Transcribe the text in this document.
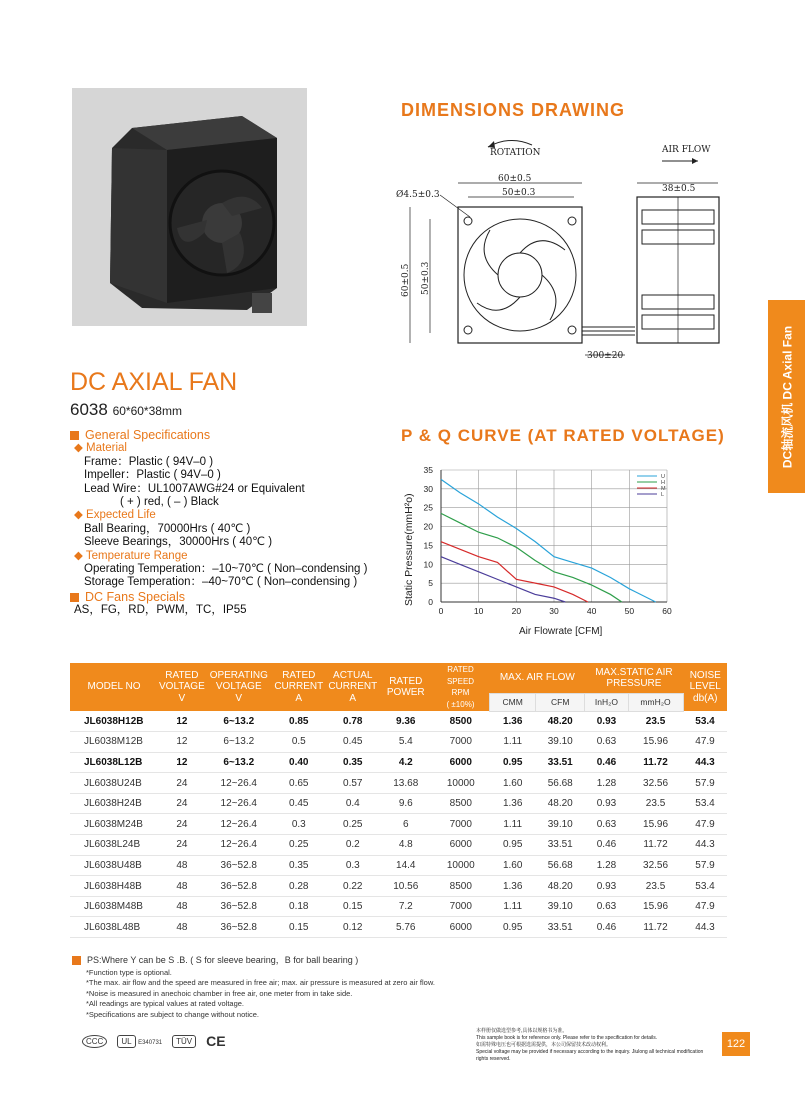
DC轴流风机 DC Axial Fan
DIMENSIONS DRAWING
ROTATION	AIR FLOW
60±0.5
50±0.3
Ø4.5±0.3
60±0.5 50±0.3
38±0.5
300±20
DC AXIAL FAN
6038 60*60*38mm
General Specifications
◆ Material
Frame：Plastic ( 94V–0 )
Impeller：Plastic ( 94V–0 )
Lead Wire：UL1007AWG#24 or Equivalent
( + ) red, ( – ) Black
◆ Expected Life
Ball Bearing，70000Hrs ( 40℃ )
Sleeve Bearings，30000Hrs ( 40℃ )
◆ Temperature Range
Operating Temperation：–10~70℃ ( Non–condensing )
Storage Temperation：–40~70℃ ( Non–condensing )
DC Fans Specials
AS，FG，RD，PWM，TC，IP55
P & Q CURVE (AT RATED VOLTAGE)
0
5
10
15
20
25
30
35
0	10	20	30	40	50	60
U
H
M
L
Static Pressure(mmH²o)
Air Flowrate [CFM]
MODEL NO	RATED
VOLTAGE
V	OPERATING
VOLTAGE
V	RATED
CURRENT
A	ACTUAL
CURRENT
A	RATED
POWER	RATED SPEED
RPM
( ±10%)	MAX. AIR FLOW		MAX.STATIC AIR
PRESSURE		NOISE
LEVEL
db(A)
							CMM	CFM	InH₂O	mmH₂O	
JL6038H12B	12	6~13.2	0.85	0.78	9.36	8500	1.36	48.20	0.93	23.5	53.4
JL6038M12B	12	6~13.2	0.5	0.45	5.4	7000	1.11	39.10	0.63	15.96	47.9
JL6038L12B	12	6~13.2	0.40	0.35	4.2	6000	0.95	33.51	0.46	11.72	44.3
JL6038U24B	24	12~26.4	0.65	0.57	13.68	10000	1.60	56.68	1.28	32.56	57.9
JL6038H24B	24	12~26.4	0.45	0.4	9.6	8500	1.36	48.20	0.93	23.5	53.4
JL6038M24B	24	12~26.4	0.3	0.25	6	7000	1.11	39.10	0.63	15.96	47.9
JL6038L24B	24	12~26.4	0.25	0.2	4.8	6000	0.95	33.51	0.46	11.72	44.3
JL6038U48B	48	36~52.8	0.35	0.3	14.4	10000	1.60	56.68	1.28	32.56	57.9
JL6038H48B	48	36~52.8	0.28	0.22	10.56	8500	1.36	48.20	0.93	23.5	53.4
JL6038M48B	48	36~52.8	0.18	0.15	7.2	7000	1.11	39.10	0.63	15.96	47.9
JL6038L48B	48	36~52.8	0.15	0.12	5.76	6000	0.95	33.51	0.46	11.72	44.3
PS:Where Y can be S .B. ( S for sleeve bearing，B for ball bearing )
*Function type is optional.
*The max. air flow and the speed are measured in free air; max. air pressure is measured at zero air flow.
*Noise is measured in anechoic chamber in free air, one meter from in take side.
*All readings are typical values at rated voltage.
*Specifications are subject to change without notice.
CCC	UL E340731	TÜV CE
本样册仅做选型参考,具体以规格书为准。
This sample book is for reference only. Please refer to the specification for details.
如需特殊电压也可根据选需提供，本公司保留技术改动权利。
Special voltage may be provided if necessary according to the inquiry. Jiulong all technical modification rights reserved.
122
